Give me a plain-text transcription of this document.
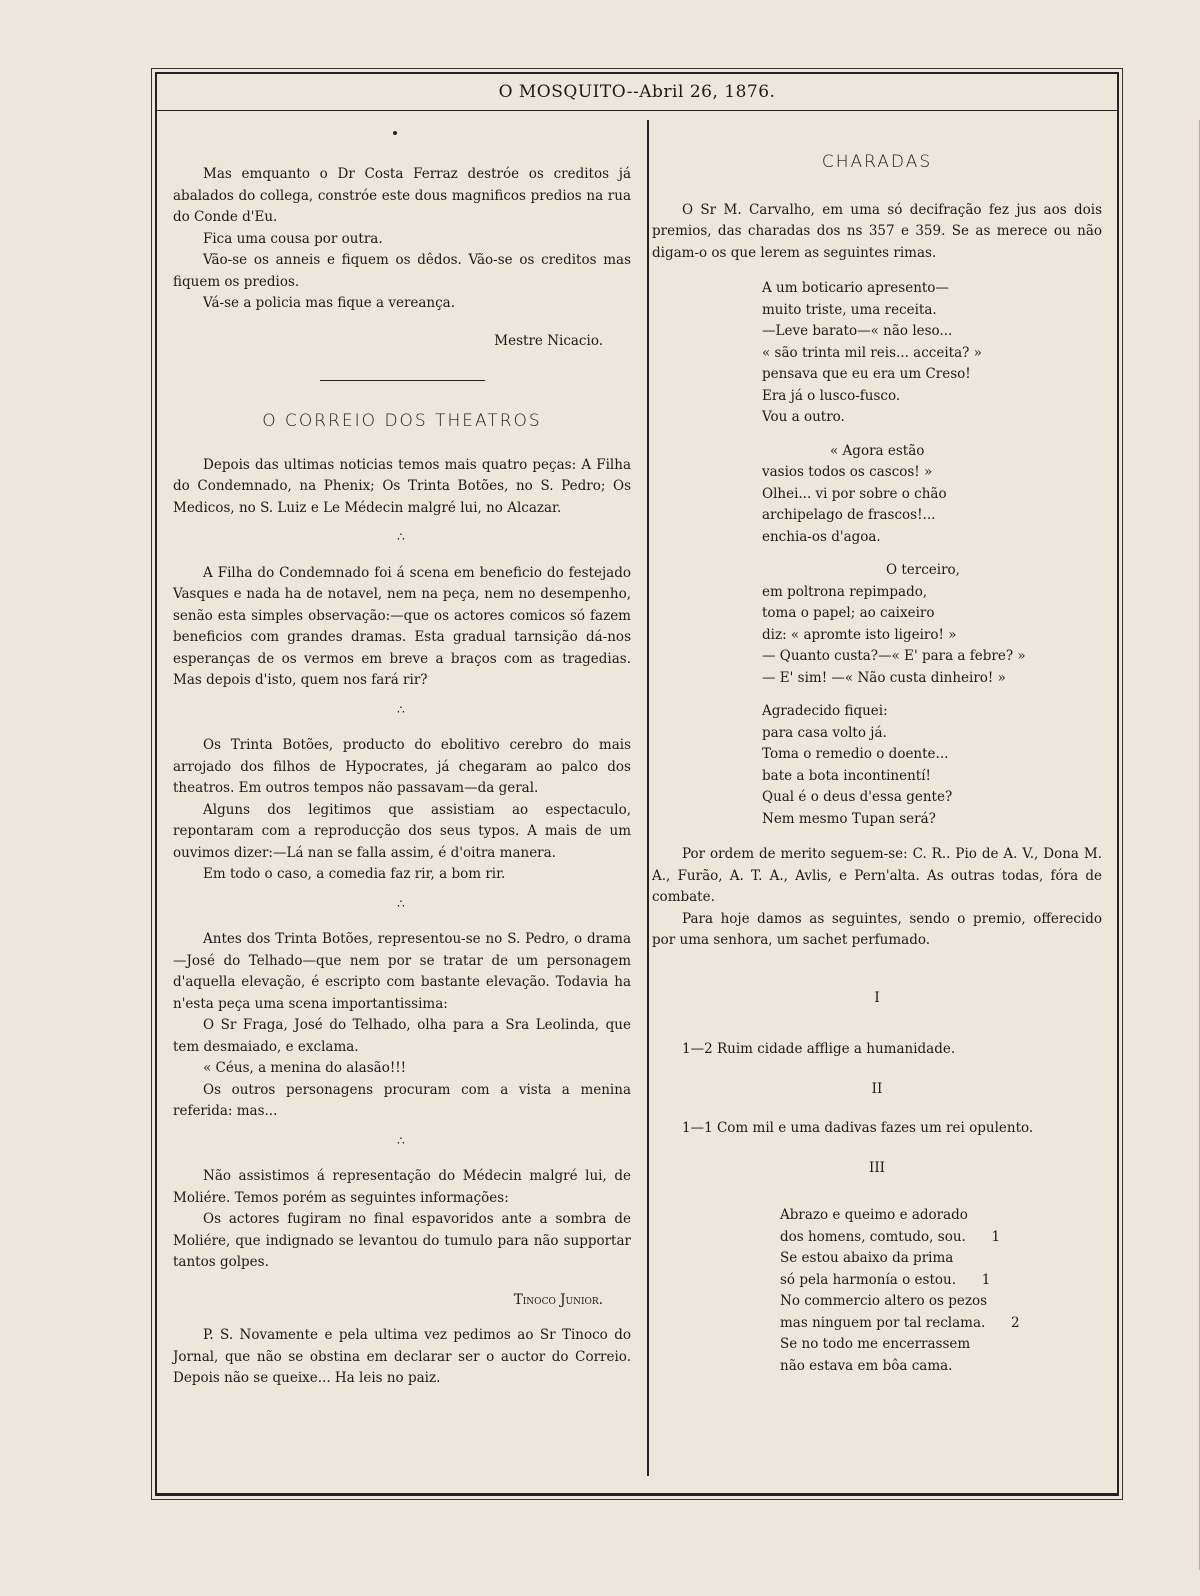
O MOSQUITO--Abril 26, 1876.

Mas emquanto o Dr Costa Ferraz destróe os creditos já abalados do collega, constróe este dous magnificos predios na rua do Conde d'Eu.

Fica uma cousa por outra.

Vão-se os anneis e fiquem os dêdos. Vão-se os creditos mas fiquem os predios.

Vá-se a policia mas fique a vereança.

Mestre Nicacio.

O CORREIO DOS THEATROS

Depois das ultimas noticias temos mais quatro peças: A Filha do Condemnado, na Phenix; Os Trinta Botões, no S. Pedro; Os Medicos, no S. Luiz e Le Médecin malgré lui, no Alcazar.

∴

A Filha do Condemnado foi á scena em beneficio do festejado Vasques e nada ha de notavel, nem na peça, nem no desempenho, senão esta simples observação:—que os actores comicos só fazem beneficios com grandes dramas. Esta gradual tarnsição dá-nos esperanças de os vermos em breve a braços com as tragedias. Mas depois d'isto, quem nos fará rir?

∴

Os Trinta Botões, producto do ebolitivo cerebro do mais arrojado dos filhos de Hypocrates, já chegaram ao palco dos theatros. Em outros tempos não passavam—da geral.

Alguns dos legitimos que assistiam ao espectaculo, repontaram com a reproducção dos seus typos. A mais de um ouvimos dizer:—Lá nan se falla assim, é d'oitra manera.

Em todo o caso, a comedia faz rir, a bom rir.

∴

Antes dos Trinta Botões, representou-se no S. Pedro, o drama—José do Telhado—que nem por se tratar de um personagem d'aquella elevação, é escripto com bastante elevação. Todavia ha n'esta peça uma scena importantissima:

O Sr Fraga, José do Telhado, olha para a Sra Leolinda, que tem desmaiado, e exclama.

« Céus, a menina do alasão!!!

Os outros personagens procuram com a vista a menina referida: mas...

∴

Não assistimos á representação do Médecin malgré lui, de Moliére. Temos porém as seguintes informações:

Os actores fugiram no final espavoridos ante a sombra de Moliére, que indignado se levantou do tumulo para não supportar tantos golpes.

Tinoco Junior.

P. S. Novamente e pela ultima vez pedimos ao Sr Tinoco do Jornal, que não se obstina em declarar ser o auctor do Correio. Depois não se queixe... Ha leis no paiz.

CHARADAS

O Sr M. Carvalho, em uma só decifração fez jus aos dois premios, das charadas dos ns 357 e 359. Se as merece ou não digam-o os que lerem as seguintes rimas.

A um boticario apresento—

muito triste, uma receita.

—Leve barato—« não leso...

« são trinta mil reis... acceita? »

pensava que eu era um Creso!

Era já o lusco-fusco.

Vou a outro.

« Agora estão

vasios todos os cascos! »

Olhei... vi por sobre o chão

archipelago de frascos!...

enchia-os d'agoa.

O terceiro,

em poltrona repimpado,

toma o papel; ao caixeiro

diz: « apromte isto ligeiro! »

— Quanto custa?—« E' para a febre? »

— E' sim! —« Não custa dinheiro! »

Agradecido fiquei:

para casa volto já.

Toma o remedio o doente...

bate a bota incontinentí!

Qual é o deus d'essa gente?

Nem mesmo Tupan será?

Por ordem de merito seguem-se: C. R.. Pio de A. V., Dona M. A., Furão, A. T. A., Avlis, e Pern'alta. As outras todas, fóra de combate.

Para hoje damos as seguintes, sendo o premio, offerecido por uma senhora, um sachet perfumado.

I

1—2 Ruim cidade afflige a humanidade.

II

1—1 Com mil e uma dadivas fazes um rei opulento.

III

Abrazo e queimo e adorado

dos homens, comtudo, sou. 1

Se estou abaixo da prima

só pela harmonía o estou. 1

No commercio altero os pezos

mas ninguem por tal reclama. 2

Se no todo me encerrassem

não estava em bôa cama.
